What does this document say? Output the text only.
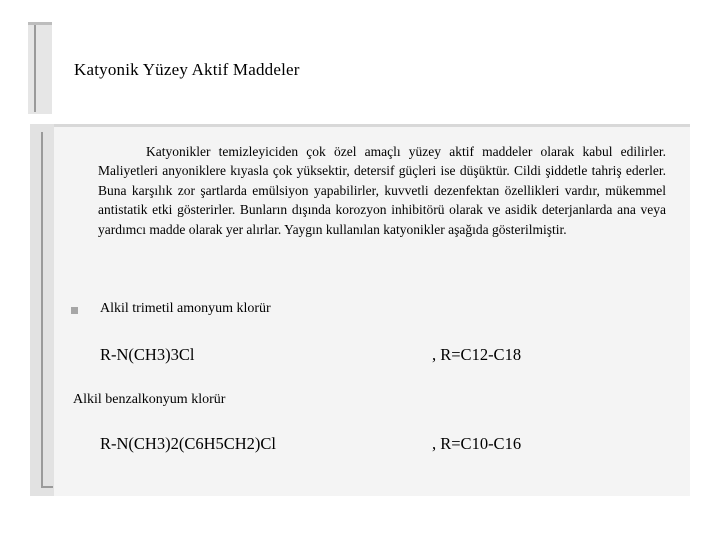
Katyonik Yüzey Aktif Maddeler
Katyonikler temizleyiciden çok özel amaçlı yüzey aktif maddeler olarak kabul edilirler. Maliyetleri anyoniklere kıyasla çok yüksektir, detersif güçleri ise düşüktür. Cildi şiddetle tahriş ederler. Buna karşılık zor şartlarda emülsiyon yapabilirler, kuvvetli dezenfektan özellikleri vardır, mükemmel antistatik etki gösterirler. Bunların dışında korozyon inhibitörü olarak ve asidik deterjanlarda ana veya yardımcı madde olarak yer alırlar. Yaygın kullanılan katyonikler aşağıda gösterilmiştir.
Alkil trimetil amonyum klorür
R-N(CH3)3Cl	, R=C12-C18
Alkil benzalkonyum klorür
R-N(CH3)2(C6H5CH2)Cl	, R=C10-C16
